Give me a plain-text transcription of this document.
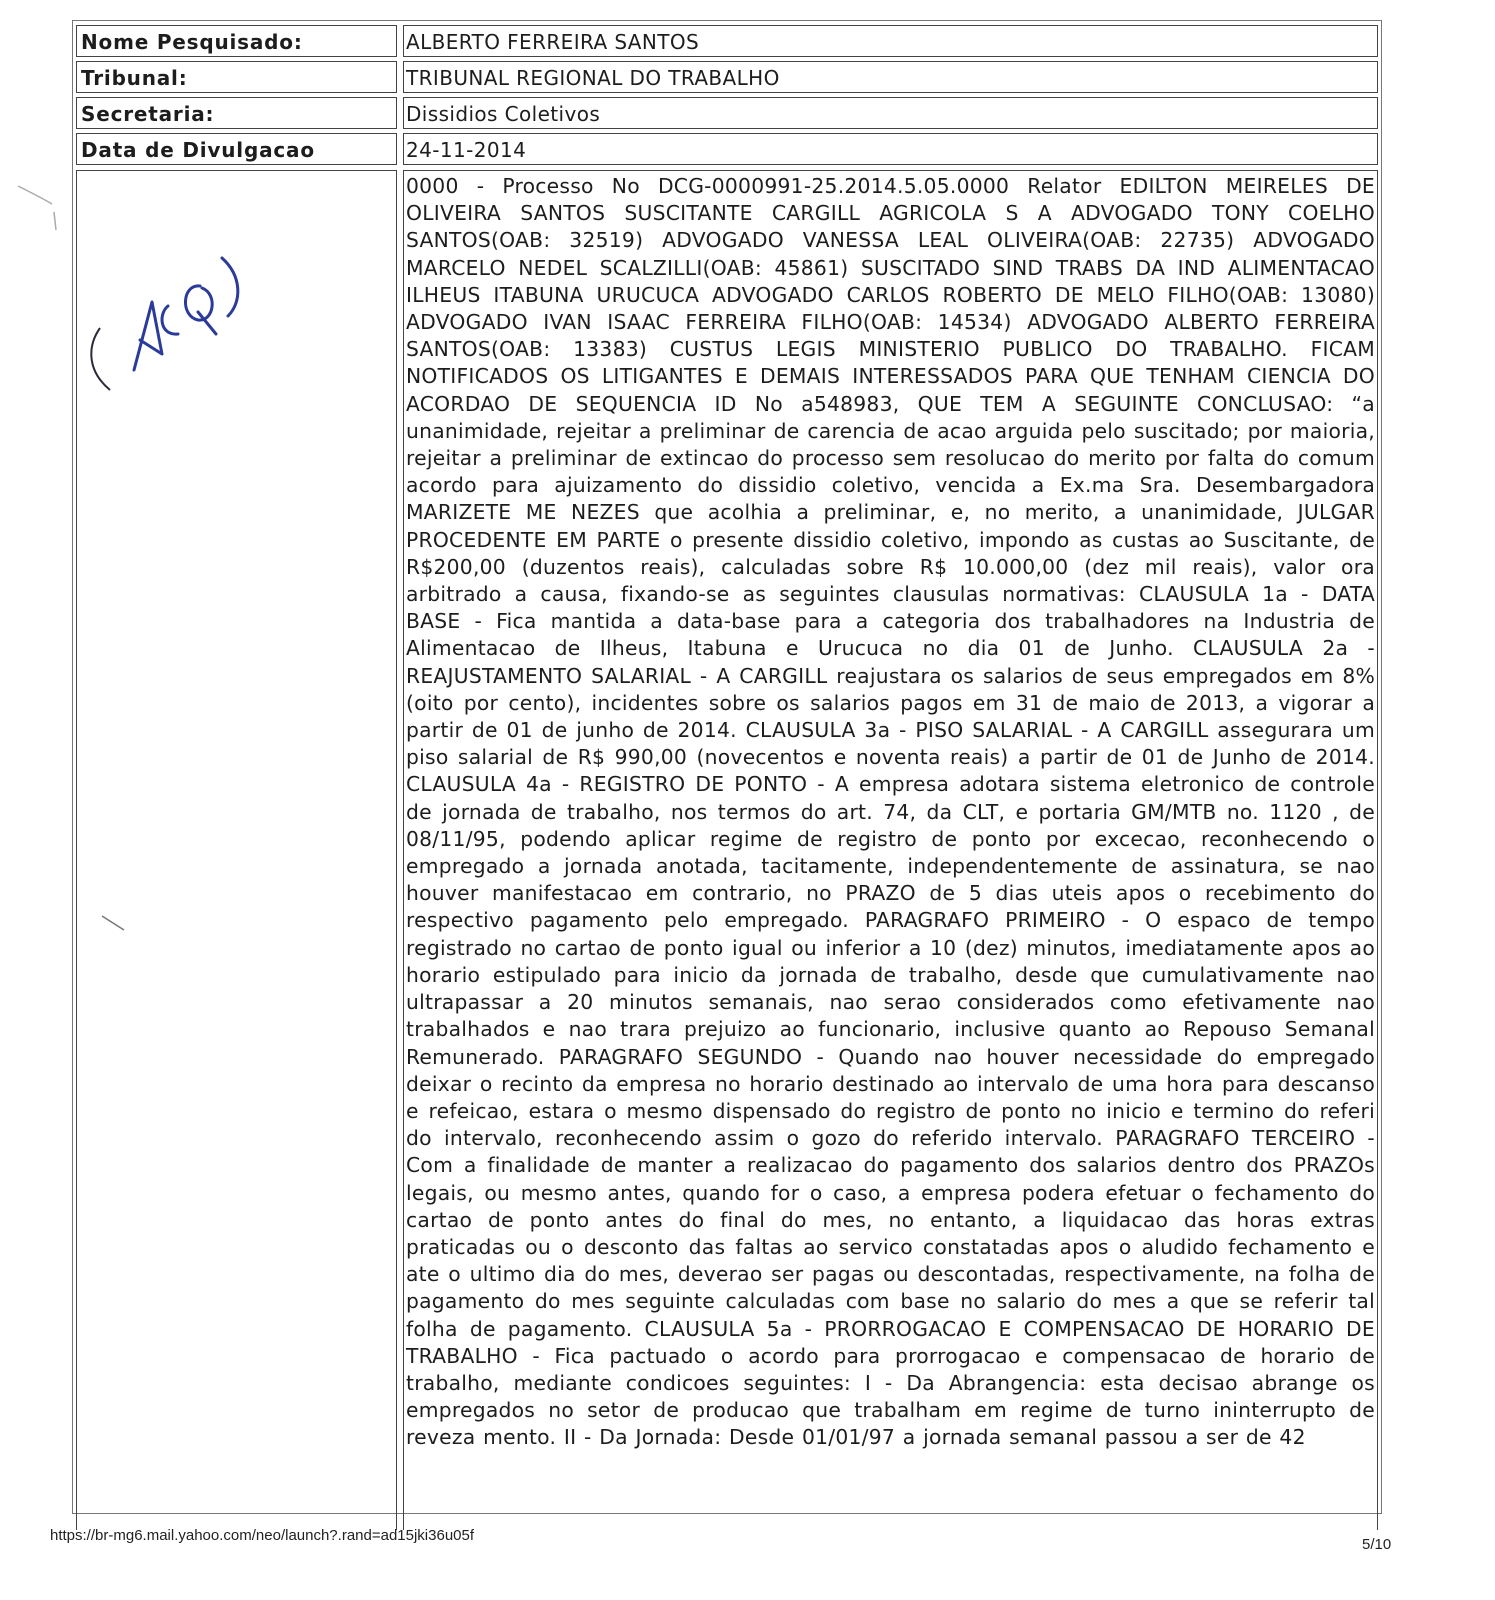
Nome Pesquisado:	ALBERTO FERREIRA SANTOS
Tribunal:	TRIBUNAL REGIONAL DO TRABALHO
Secretaria:	Dissidios Coletivos
Data de Divulgacao	24-11-2014

0000 - Processo No DCG-0000991-25.2014.5.05.0000 Relator EDILTON MEIRELES DE OLIVEIRA SANTOS SUSCITANTE CARGILL AGRICOLA S A ADVOGADO TONY COELHO SANTOS(OAB: 32519) ADVOGADO VANESSA LEAL OLIVEIRA(OAB: 22735) ADVOGADO MARCELO NEDEL SCALZILLI(OAB: 45861) SUSCITADO SIND TRABS DA IND ALIMENTACAO ILHEUS ITABUNA URUCUCA ADVOGADO CARLOS ROBERTO DE MELO FILHO(OAB: 13080) ADVOGADO IVAN ISAAC FERREIRA FILHO(OAB: 14534) ADVOGADO ALBERTO FERREIRA SANTOS(OAB: 13383) CUSTUS LEGIS MINISTERIO PUBLICO DO TRABALHO. FICAM NOTIFICADOS OS LITIGANTES E DEMAIS INTERESSADOS PARA QUE TENHAM CIENCIA DO ACORDAO DE SEQUENCIA ID No a548983, QUE TEM A SEGUINTE CONCLUSAO: “a unanimidade, rejeitar a preliminar de carencia de acao arguida pelo suscitado; por maioria, rejeitar a preliminar de extincao do processo sem resolucao do merito por falta do comum acordo para ajuizamento do dissidio coletivo, vencida a Ex.ma Sra. Desembargadora MARIZETE ME NEZES que acolhia a preliminar, e, no merito, a unanimidade, JULGAR PROCEDENTE EM PARTE o presente dissidio coletivo, impondo as custas ao Suscitante, de R$200,00 (duzentos reais), calculadas sobre R$ 10.000,00 (dez mil reais), valor ora arbitrado a causa, fixando-se as seguintes clausulas normativas: CLAUSULA 1a - DATA BASE - Fica mantida a data-base para a categoria dos trabalhadores na Industria de Alimentacao de Ilheus, Itabuna e Urucuca no dia 01 de Junho. CLAUSULA 2a - REAJUSTAMENTO SALARIAL - A CARGILL reajustara os salarios de seus empregados em 8% (oito por cento), incidentes sobre os salarios pagos em 31 de maio de 2013, a vigorar a partir de 01 de junho de 2014. CLAUSULA 3a - PISO SALARIAL - A CARGILL assegurara um piso salarial de R$ 990,00 (novecentos e noventa reais) a partir de 01 de Junho de 2014. CLAUSULA 4a - REGISTRO DE PONTO - A empresa adotara sistema eletronico de controle de jornada de trabalho, nos termos do art. 74, da CLT, e portaria GM/MTB no. 1120 , de 08/11/95, podendo aplicar regime de registro de ponto por excecao, reconhecendo o empregado a jornada anotada, tacitamente, independentemente de assinatura, se nao houver manifestacao em contrario, no PRAZO de 5 dias uteis apos o recebimento do respectivo pagamento pelo empregado. PARAGRAFO PRIMEIRO - O espaco de tempo registrado no cartao de ponto igual ou inferior a 10 (dez) minutos, imediatamente apos ao horario estipulado para inicio da jornada de trabalho, desde que cumulativamente nao ultrapassar a 20 minutos semanais, nao serao considerados como efetivamente nao trabalhados e nao trara prejuizo ao funcionario, inclusive quanto ao Repouso Semanal Remunerado. PARAGRAFO SEGUNDO - Quando nao houver necessidade do empregado deixar o recinto da empresa no horario destinado ao intervalo de uma hora para descanso e refeicao, estara o mesmo dispensado do registro de ponto no inicio e termino do referi do intervalo, reconhecendo assim o gozo do referido intervalo. PARAGRAFO TERCEIRO - Com a finalidade de manter a realizacao do pagamento dos salarios dentro dos PRAZOs legais, ou mesmo antes, quando for o caso, a empresa podera efetuar o fechamento do cartao de ponto antes do final do mes, no entanto, a liquidacao das horas extras praticadas ou o desconto das faltas ao servico constatadas apos o aludido fechamento e ate o ultimo dia do mes, deverao ser pagas ou descontadas, respectivamente, na folha de pagamento do mes seguinte calculadas com base no salario do mes a que se referir tal folha de pagamento. CLAUSULA 5a - PRORROGACAO E COMPENSACAO DE HORARIO DE TRABALHO - Fica pactuado o acordo para prorrogacao e compensacao de horario de trabalho, mediante condicoes seguintes: I - Da Abrangencia: esta decisao abrange os empregados no setor de producao que trabalham em regime de turno ininterrupto de reveza mento. II - Da Jornada: Desde 01/01/97 a jornada semanal passou a ser de 42

https://br-mg6.mail.yahoo.com/neo/launch?.rand=ad15jki36u05f
5/10
